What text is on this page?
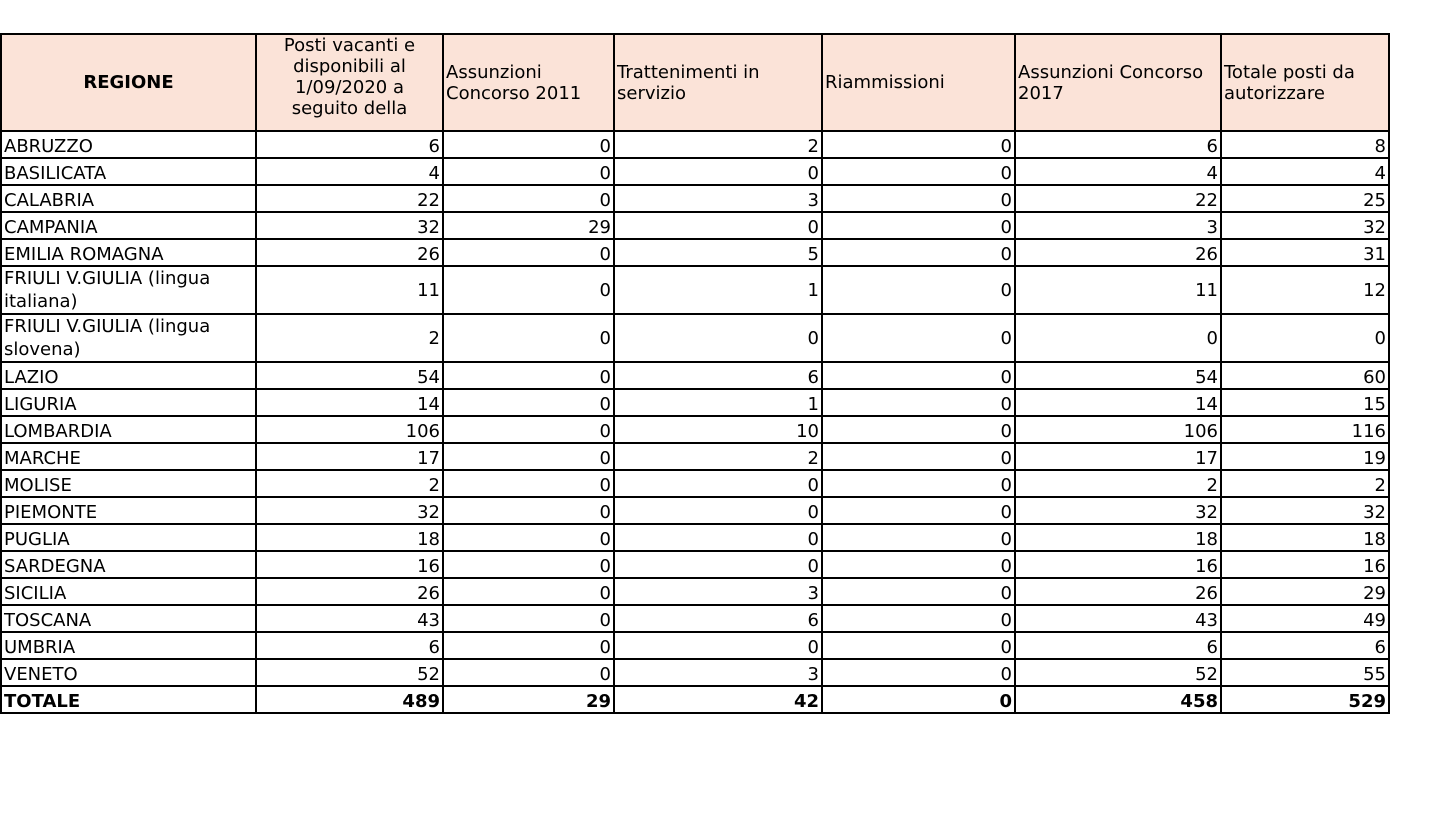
REGIONE	Posti vacanti e disponibili al 1/09/2020 a seguito della	Assunzioni Concorso 2011	Trattenimenti in servizio	Riammissioni	Assunzioni Concorso 2017	Totale posti da autorizzare
ABRUZZO	6	0	2	0	6	8
BASILICATA	4	0	0	0	4	4
CALABRIA	22	0	3	0	22	25
CAMPANIA	32	29	0	0	3	32
EMILIA ROMAGNA	26	0	5	0	26	31
FRIULI V.GIULIA (lingua italiana)	11	0	1	0	11	12
FRIULI V.GIULIA (lingua slovena)	2	0	0	0	0	0
LAZIO	54	0	6	0	54	60
LIGURIA	14	0	1	0	14	15
LOMBARDIA	106	0	10	0	106	116
MARCHE	17	0	2	0	17	19
MOLISE	2	0	0	0	2	2
PIEMONTE	32	0	0	0	32	32
PUGLIA	18	0	0	0	18	18
SARDEGNA	16	0	0	0	16	16
SICILIA	26	0	3	0	26	29
TOSCANA	43	0	6	0	43	49
UMBRIA	6	0	0	0	6	6
VENETO	52	0	3	0	52	55
TOTALE	489	29	42	0	458	529
